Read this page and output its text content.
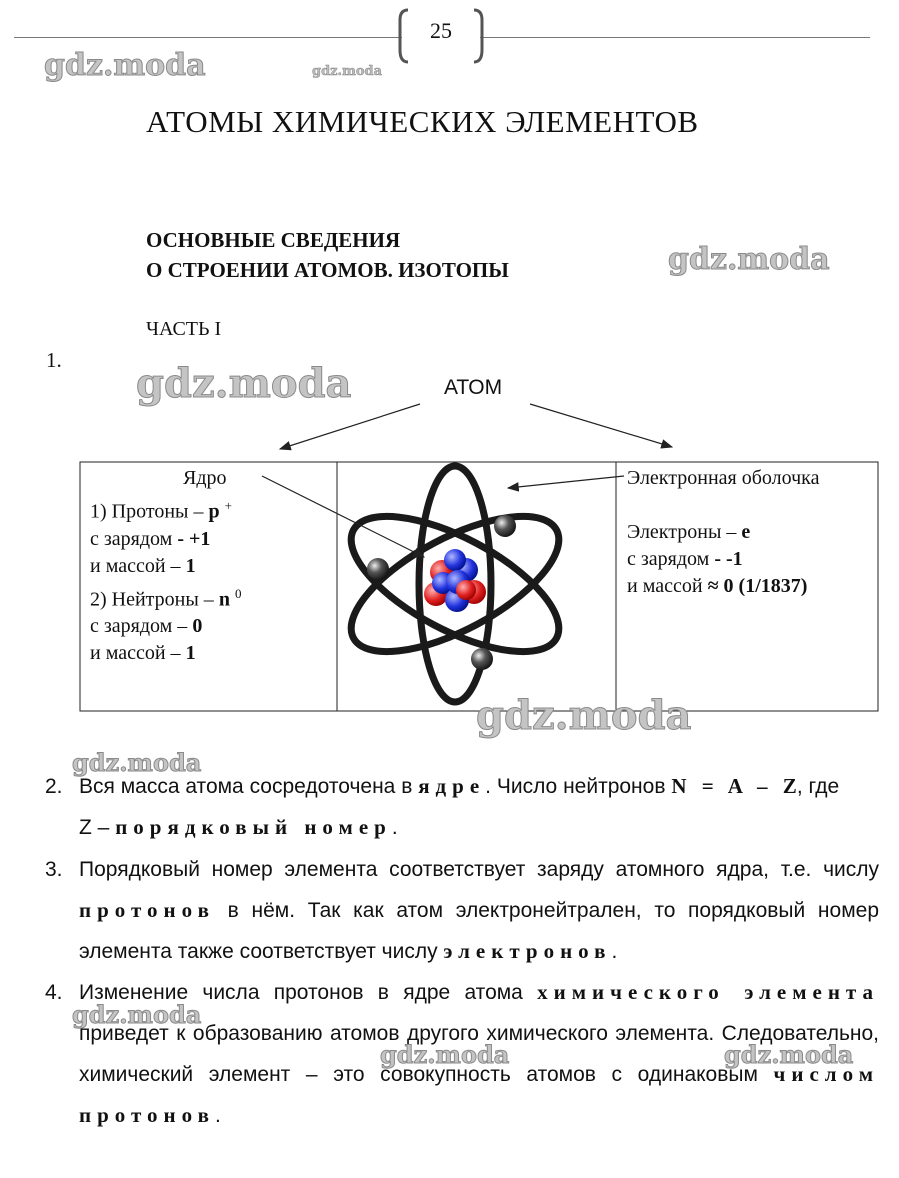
25
gdz.moda	gdz.moda
gdz.moda
gdz.moda
gdz.moda
gdz.moda
gdz.moda
gdz.moda	gdz.moda
АТОМЫ ХИМИЧЕСКИХ ЭЛЕМЕНТОВ
ОСНОВНЫЕ СВЕДЕНИЯ
О СТРОЕНИИ АТОМОВ. ИЗОТОПЫ
ЧАСТЬ I
1.
АТОМ
Ядро
1) Протоны – p +
с зарядом - +1
и массой – 1
2) Нейтроны – n $^0$
с зарядом – 0
и массой – 1
Электронная оболочка

Электроны – e
с зарядом - -1
и массой ≈ 0 (1/1837)
2. Вся масса атома сосредоточена в ядре. Число нейтронов N = A – Z, где
Z – порядковый номер.
3. Порядковый номер элемента соответствует заряду атомного ядра, т.е. числу протонов в нём. Так как атом электронейтрален, то порядковый номер элемента также соответствует числу электронов.
4. Изменение числа протонов в ядре атома химического элемента приведет к образованию атомов другого химического элемента. Следовательно, химический элемент – это совокупность атомов с одинаковым числом протонов.
